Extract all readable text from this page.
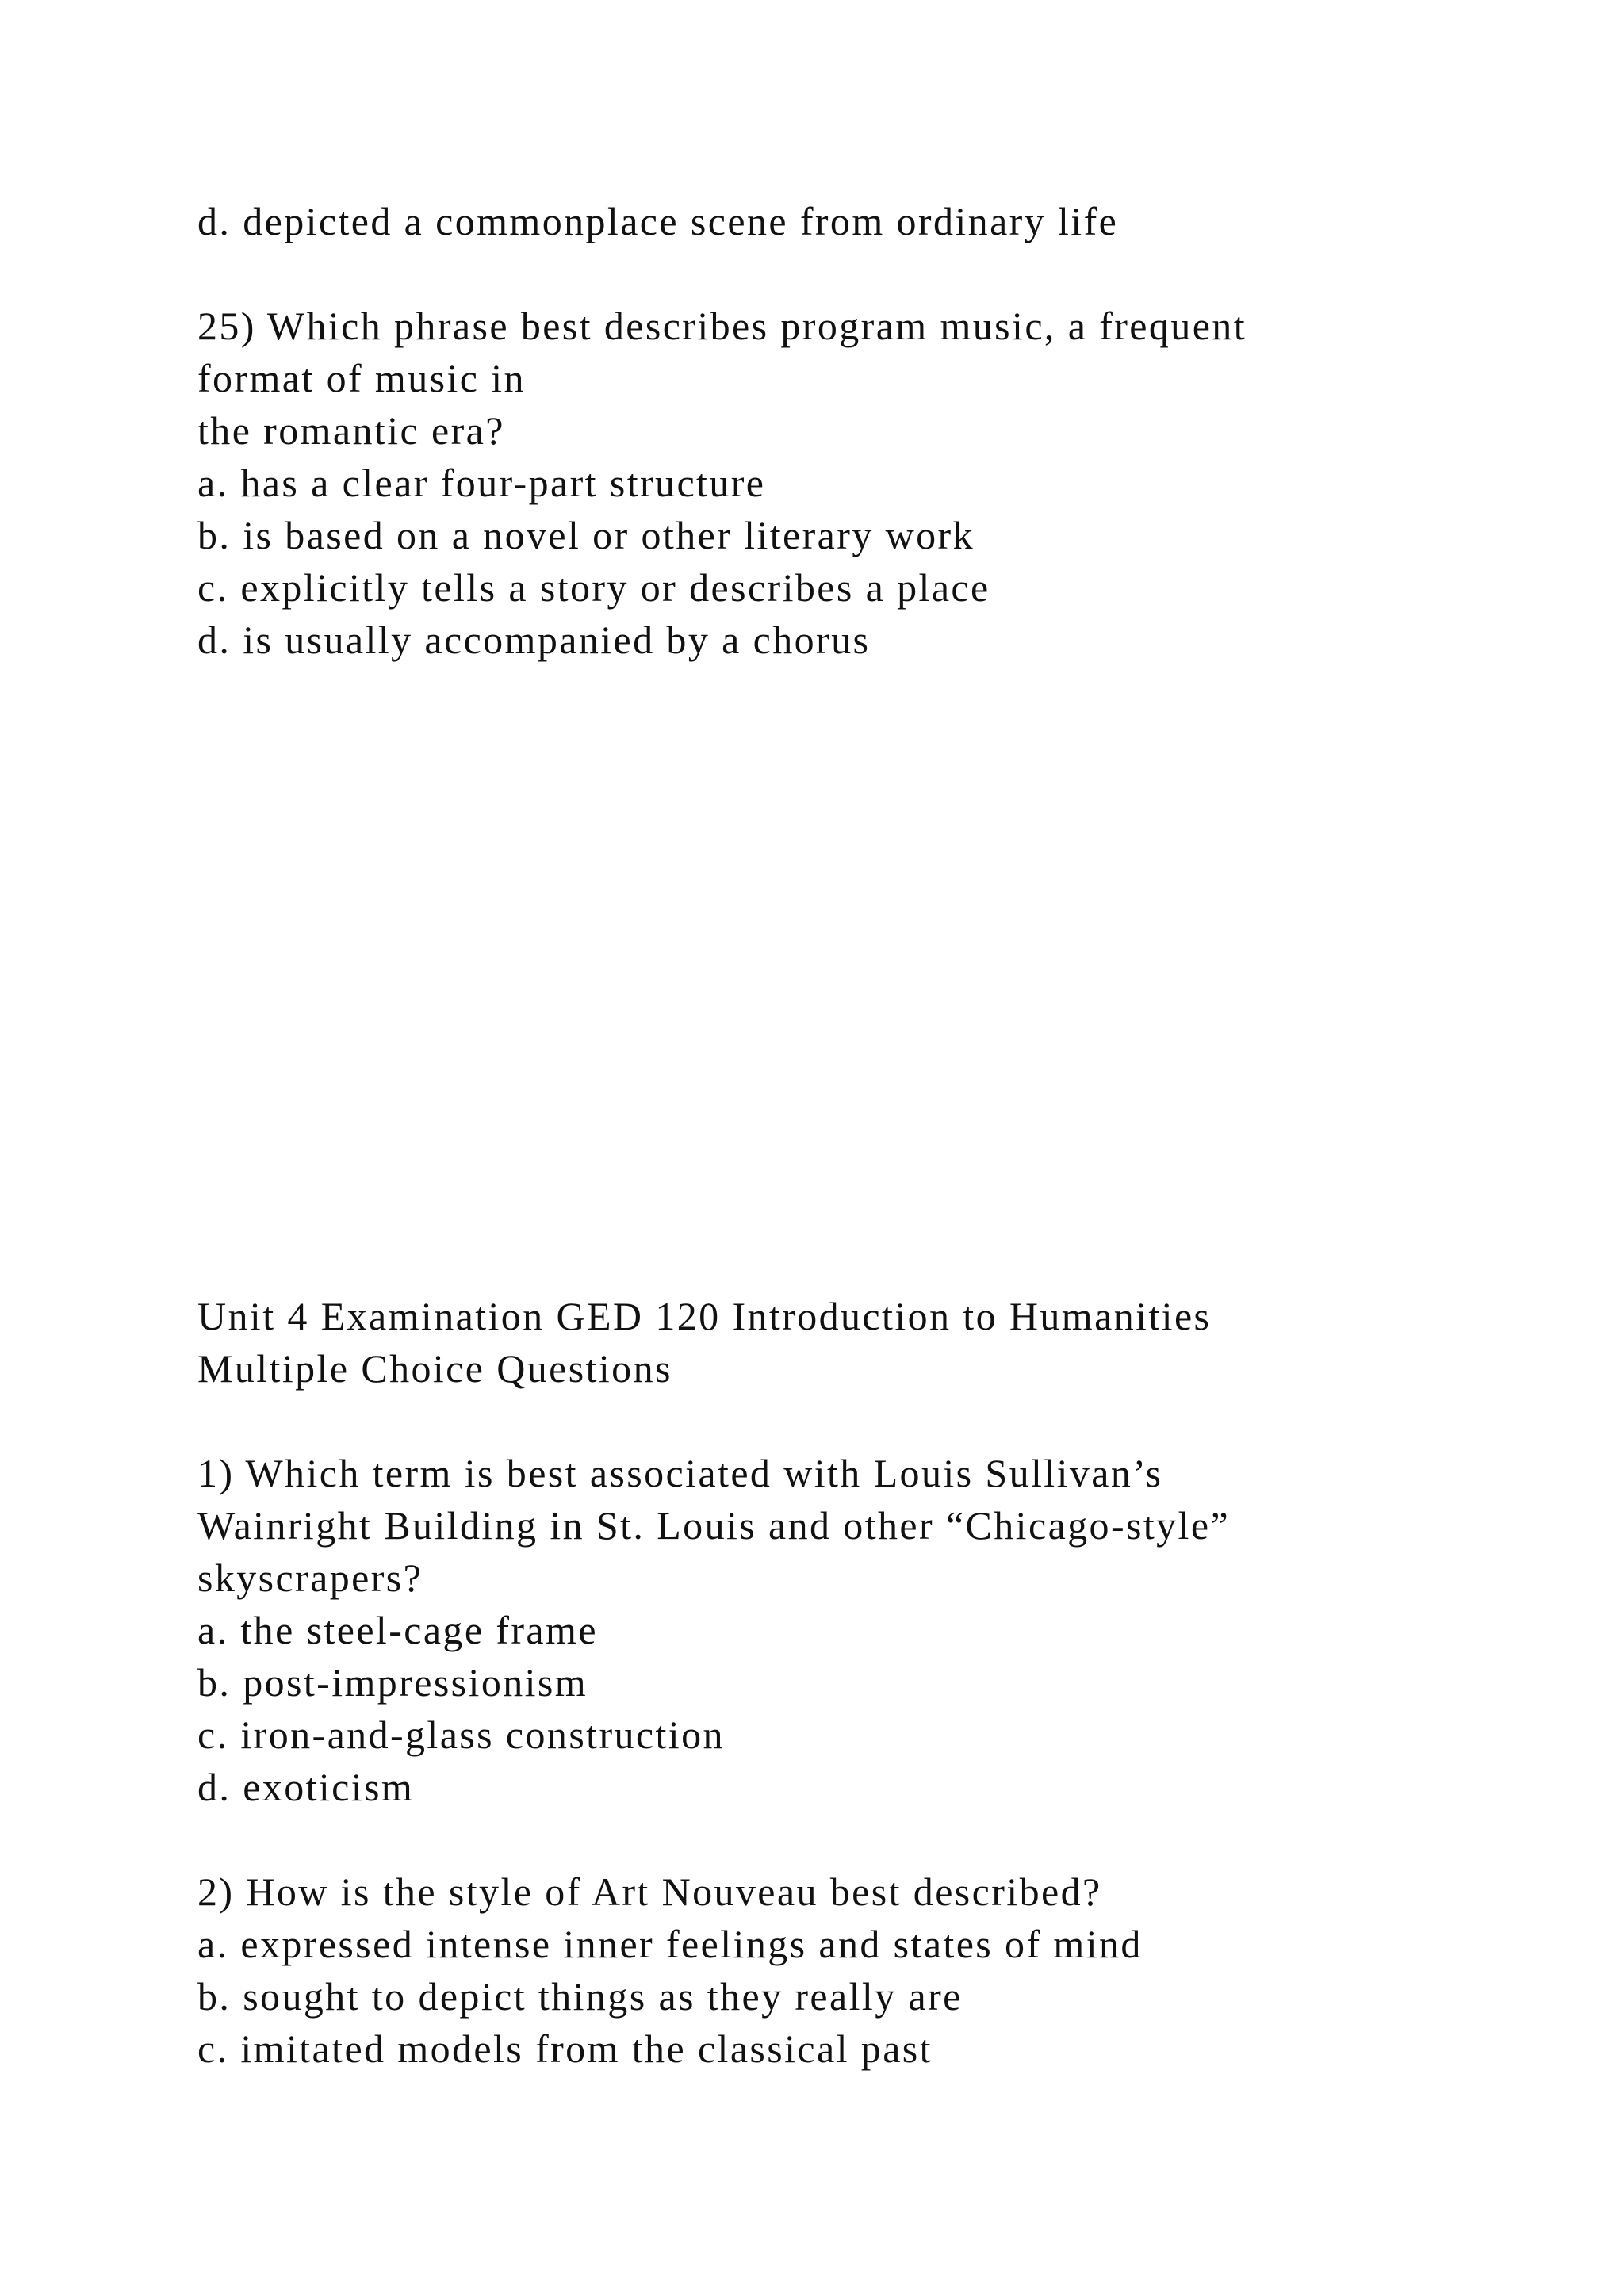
d. depicted a commonplace scene from ordinary life
25) Which phrase best describes program music, a frequent
format of music in
the romantic era?
a. has a clear four-part structure
b. is based on a novel or other literary work
c. explicitly tells a story or describes a place
d. is usually accompanied by a chorus
Unit 4 Examination GED 120 Introduction to Humanities
Multiple Choice Questions
1) Which term is best associated with Louis Sullivan’s
Wainright Building in St. Louis and other “Chicago-style”
skyscrapers?
a. the steel-cage frame
b. post-impressionism
c. iron-and-glass construction
d. exoticism
2) How is the style of Art Nouveau best described?
a. expressed intense inner feelings and states of mind
b. sought to depict things as they really are
c. imitated models from the classical past
